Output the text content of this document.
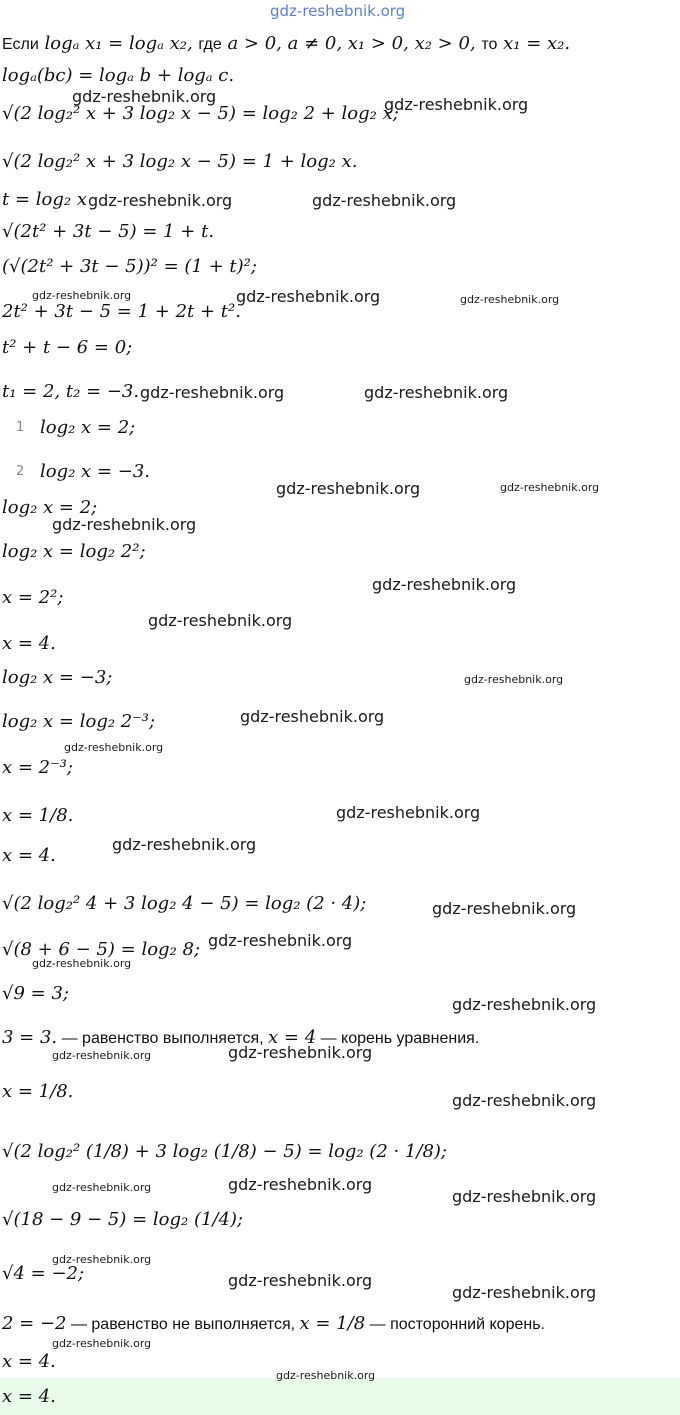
gdz-reshebnik.org
Если logₐ x₁ = logₐ x₂, где a > 0, a ≠ 0, x₁ > 0, x₂ > 0, то x₁ = x₂.
logₐ(bc) = logₐ b + logₐ c.
√(2 log₂² x + 3 log₂ x − 5) = log₂ 2 + log₂ x;
√(2 log₂² x + 3 log₂ x − 5) = 1 + log₂ x.
t = log₂ x
√(2t² + 3t − 5) = 1 + t.
(√(2t² + 3t − 5))² = (1 + t)²;
2t² + 3t − 5 = 1 + 2t + t².
t² + t − 6 = 0;
t₁ = 2, t₂ = −3.
1 log₂ x = 2;
2 log₂ x = −3.
log₂ x = 2;
log₂ x = log₂ 2²;
x = 2²;
x = 4.
log₂ x = −3;
log₂ x = log₂ 2⁻³;
x = 2⁻³;
x = 1/8.
x = 4.
√(2 log₂² 4 + 3 log₂ 4 − 5) = log₂ (2 · 4);
√(8 + 6 − 5) = log₂ 8;
√9 = 3;
3 = 3. — равенство выполняется, x = 4 — корень уравнения.
x = 1/8.
√(2 log₂² (1/8) + 3 log₂ (1/8) − 5) = log₂ (2 · 1/8);
√(18 − 9 − 5) = log₂ (1/4);
√4 = −2;
2 = −2 — равенство не выполняется, x = 1/8 — посторонний корень.
x = 4.
x = 4.
gdz-reshebnik.org	gdz-reshebnik.org
gdz-reshebnik.org	gdz-reshebnik.org
gdz-reshebnik.org	gdz-reshebnik.org	gdz-reshebnik.org
gdz-reshebnik.org	gdz-reshebnik.org
gdz-reshebnik.org	gdz-reshebnik.org
gdz-reshebnik.org
gdz-reshebnik.org
gdz-reshebnik.org
gdz-reshebnik.org
gdz-reshebnik.org
gdz-reshebnik.org
gdz-reshebnik.org
gdz-reshebnik.org
gdz-reshebnik.org
gdz-reshebnik.org
gdz-reshebnik.org
gdz-reshebnik.org
gdz-reshebnik.org	gdz-reshebnik.org
gdz-reshebnik.org
gdz-reshebnik.org	gdz-reshebnik.org
gdz-reshebnik.org
gdz-reshebnik.org
gdz-reshebnik.org
gdz-reshebnik.org
gdz-reshebnik.org
gdz-reshebnik.org
